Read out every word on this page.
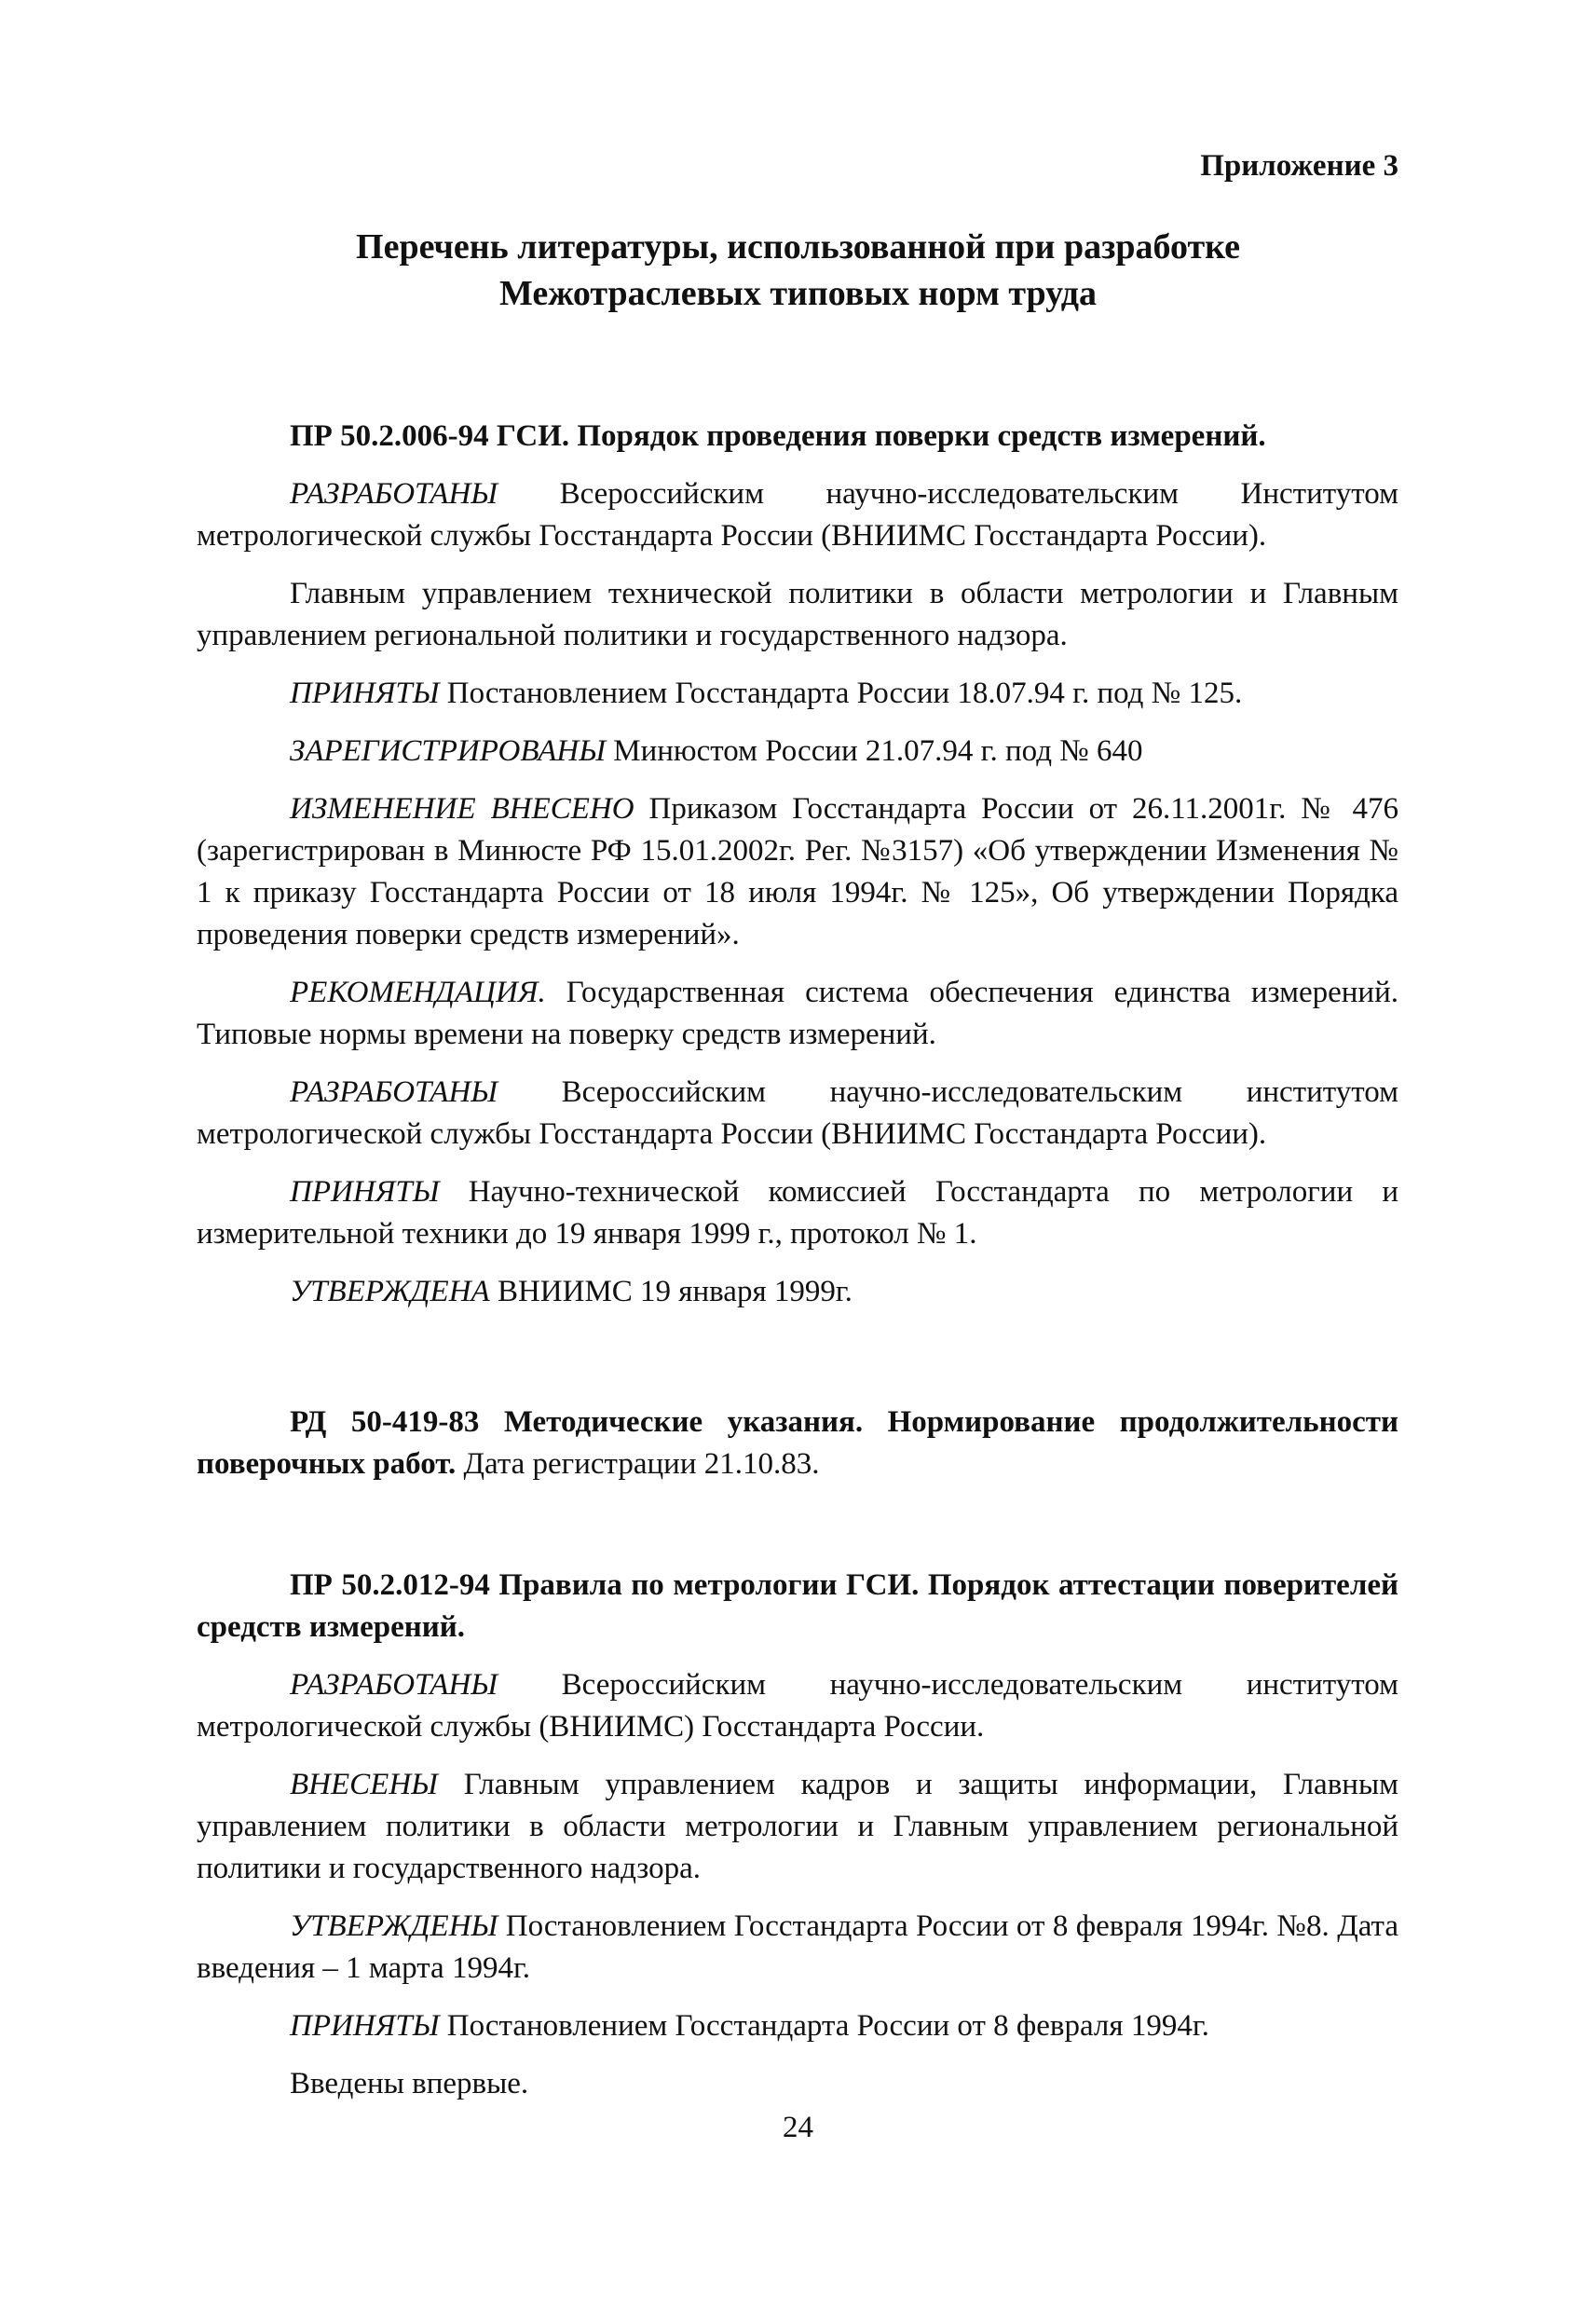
Приложение 3

Перечень литературы, использованной при разработке
Межотраслевых типовых норм труда

ПР 50.2.006-94 ГСИ. Порядок проведения поверки средств измерений.

РАЗРАБОТАНЫ Всероссийским научно-исследовательским Институтом метрологической службы Госстандарта России (ВНИИМС Госстандарта России).

Главным управлением технической политики в области метрологии и Главным управлением региональной политики и государственного надзора.

ПРИНЯТЫ Постановлением Госстандарта России 18.07.94 г. под № 125.

ЗАРЕГИСТРИРОВАНЫ Минюстом России 21.07.94 г. под № 640

ИЗМЕНЕНИЕ ВНЕСЕНО Приказом Госстандарта России от 26.11.2001г. № 476 (зарегистрирован в Минюсте РФ 15.01.2002г. Рег. №3157) «Об утверждении Изменения № 1 к приказу Госстандарта России от 18 июля 1994г. № 125», Об утверждении Порядка проведения поверки средств измерений».

РЕКОМЕНДАЦИЯ. Государственная система обеспечения единства измерений. Типовые нормы времени на поверку средств измерений.

РАЗРАБОТАНЫ Всероссийским научно-исследовательским институтом метрологической службы Госстандарта России (ВНИИМС Госстандарта России).

ПРИНЯТЫ Научно-технической комиссией Госстандарта по метрологии и измерительной техники до 19 января 1999 г., протокол № 1.

УТВЕРЖДЕНА ВНИИМС 19 января 1999г.

РД 50-419-83 Методические указания. Нормирование продолжительности поверочных работ. Дата регистрации 21.10.83.

ПР 50.2.012-94 Правила по метрологии ГСИ. Порядок аттестации поверителей средств измерений.

РАЗРАБОТАНЫ Всероссийским научно-исследовательским институтом метрологической службы (ВНИИМС) Госстандарта России.

ВНЕСЕНЫ Главным управлением кадров и защиты информации, Главным управлением политики в области метрологии и Главным управлением региональной политики и государственного надзора.

УТВЕРЖДЕНЫ Постановлением Госстандарта России от 8 февраля 1994г. №8. Дата введения – 1 марта 1994г.

ПРИНЯТЫ Постановлением Госстандарта России от 8 февраля 1994г.

Введены впервые.

24
